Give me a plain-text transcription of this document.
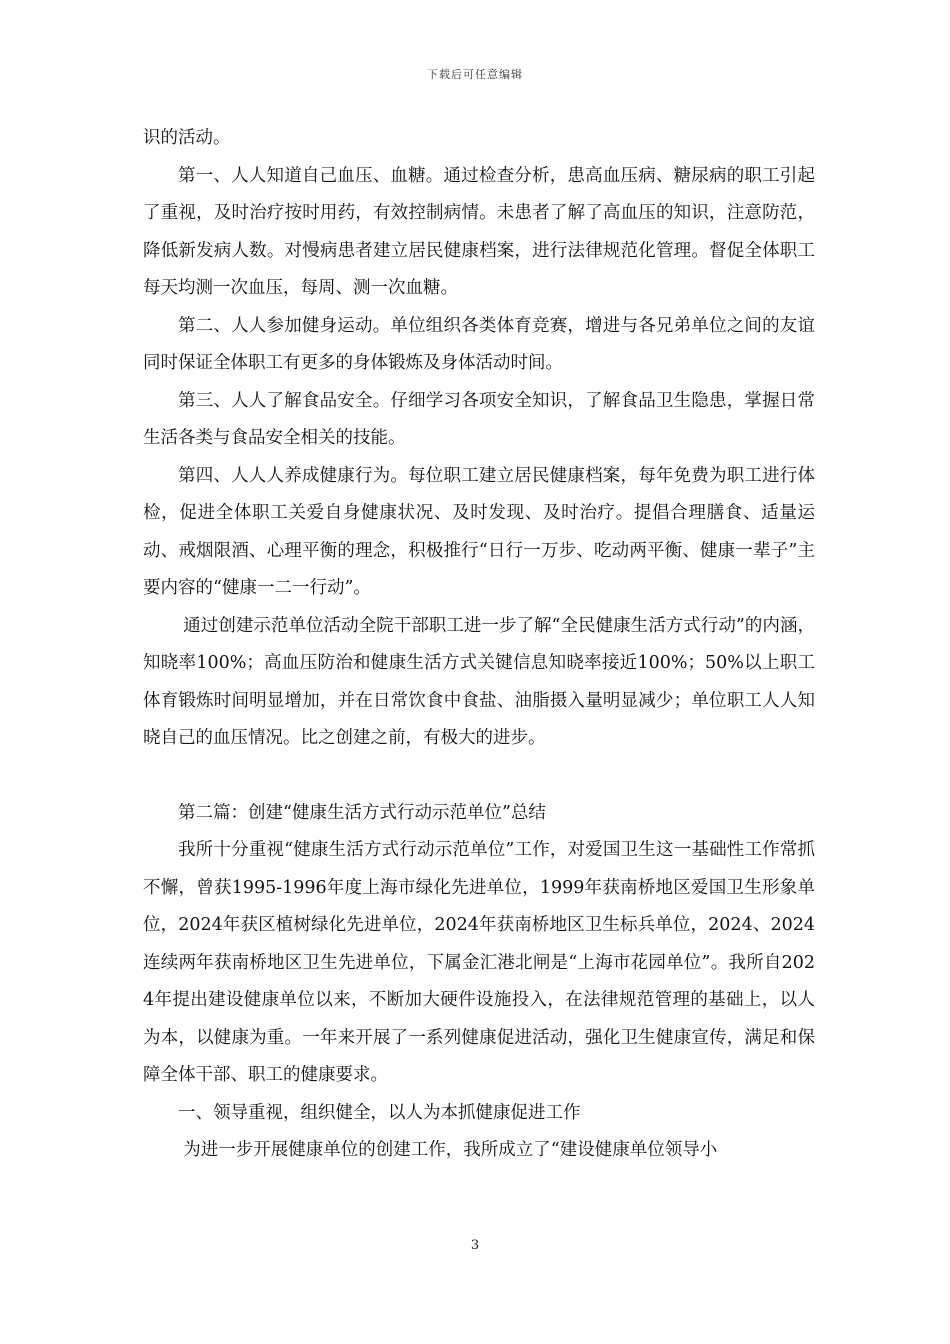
下载后可任意编辑

识的活动。

第一、人人知道自己血压、血糖。通过检查分析，患高血压病、糖尿病的职工引起了重视，及时治疗按时用药，有效控制病情。未患者了解了高血压的知识，注意防范，降低新发病人数。对慢病患者建立居民健康档案，进行法律规范化管理。督促全体职工每天均测一次血压，每周、测一次血糖。

第二、人人参加健身运动。单位组织各类体育竞赛，增进与各兄弟单位之间的友谊同时保证全体职工有更多的身体锻炼及身体活动时间。

第三、人人了解食品安全。仔细学习各项安全知识，了解食品卫生隐患，掌握日常生活各类与食品安全相关的技能。

第四、人人人养成健康行为。每位职工建立居民健康档案，每年免费为职工进行体检，促进全体职工关爱自身健康状况、及时发现、及时治疗。提倡合理膳食、适量运动、戒烟限酒、心理平衡的理念，积极推行“日行一万步、吃动两平衡、健康一辈子”主要内容的“健康一二一行动”。

通过创建示范单位活动全院干部职工进一步了解“全民健康生活方式行动”的内涵，知晓率100%；高血压防治和健康生活方式关键信息知晓率接近100%；50%以上职工体育锻炼时间明显增加，并在日常饮食中食盐、油脂摄入量明显减少；单位职工人人知晓自己的血压情况。比之创建之前，有极大的进步。

第二篇：创建“健康生活方式行动示范单位”总结

我所十分重视“健康生活方式行动示范单位”工作，对爱国卫生这一基础性工作常抓不懈，曾获1995-1996年度上海市绿化先进单位，1999年获南桥地区爱国卫生形象单位，2024年获区植树绿化先进单位，2024年获南桥地区卫生标兵单位，2024、2024连续两年获南桥地区卫生先进单位，下属金汇港北闸是“上海市花园单位”。我所自2024年提出建设健康单位以来，不断加大硬件设施投入，在法律规范管理的基础上，以人为本，以健康为重。一年来开展了一系列健康促进活动，强化卫生健康宣传，满足和保障全体干部、职工的健康要求。

一、领导重视，组织健全，以人为本抓健康促进工作

为进一步开展健康单位的创建工作，我所成立了“建设健康单位领导小

3
